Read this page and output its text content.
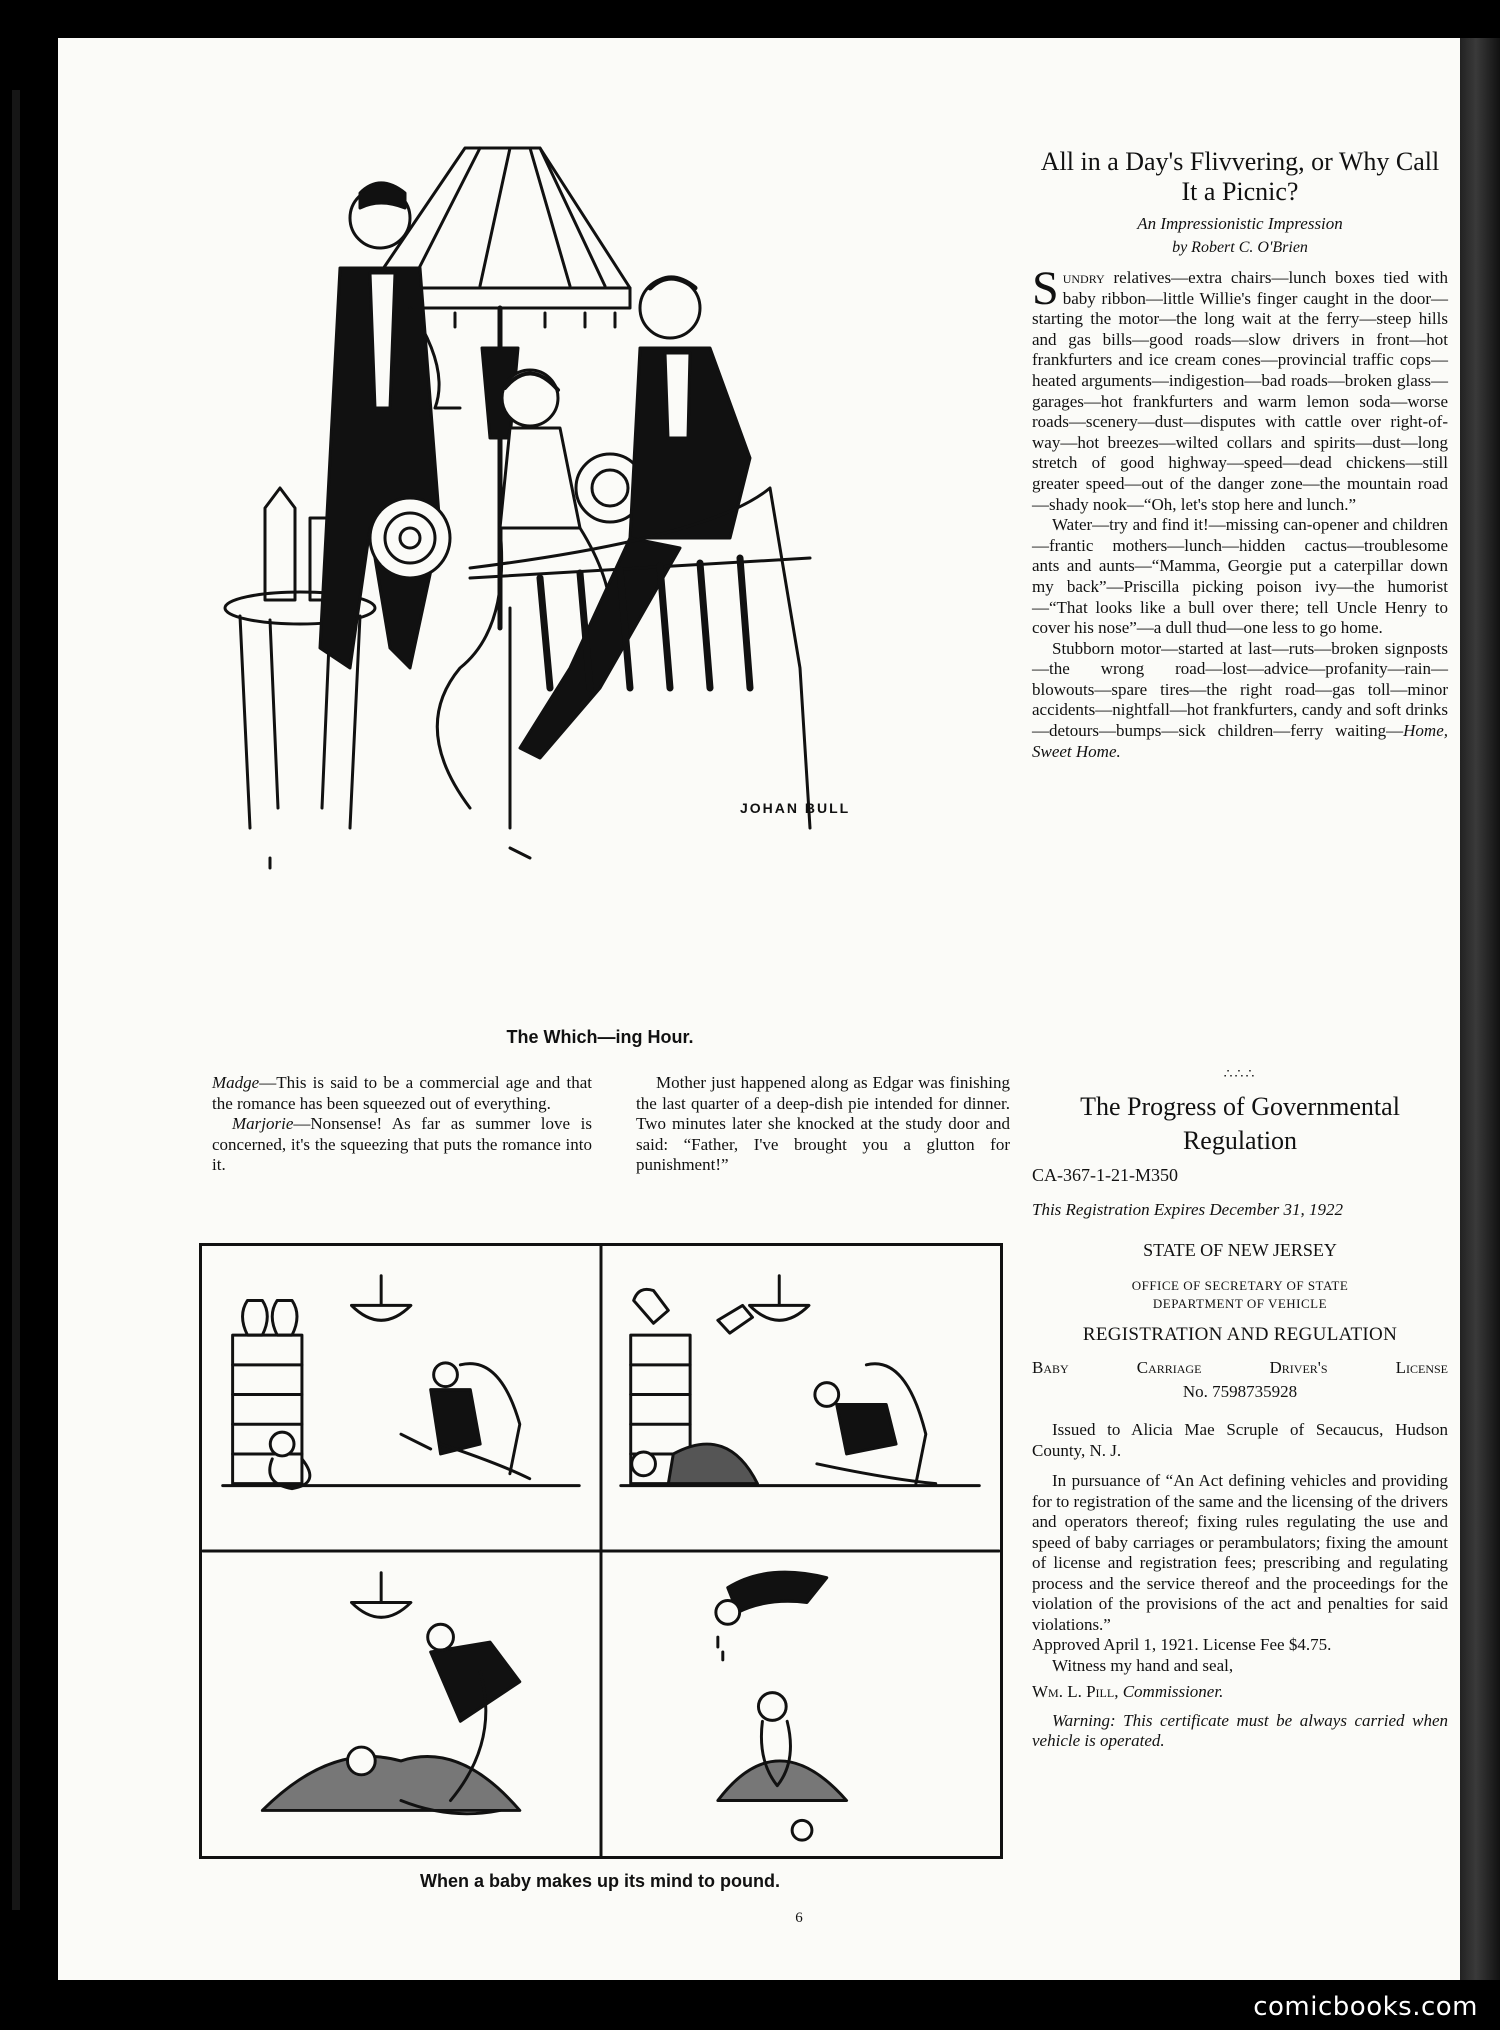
JOHAN BULL
The Which—ing Hour.

Madge—This is said to be a commercial age and that the romance has been squeezed out of everything.

Marjorie—Nonsense! As far as summer love is concerned, it's the squeezing that puts the romance into it.

Mother just happened along as Edgar was finishing the last quarter of a deep-dish pie intended for dinner. Two minutes later she knocked at the study door and said: “Father, I've brought you a glutton for punishment!”

When a baby makes up its mind to pound.
6
All in a Day's Flivvering, or Why Call It a Picnic?
An Impressionistic Impression
by Robert C. O'Brien

Sundry relatives—extra chairs—lunch boxes tied with baby ribbon—little Willie's finger caught in the door—starting the motor—the long wait at the ferry—steep hills and gas bills—good roads—slow drivers in front—hot frankfurters and ice cream cones—provincial traffic cops—heated arguments—indigestion—bad roads—broken glass—garages—hot frankfurters and warm lemon soda—worse roads—scenery—dust—disputes with cattle over right-of-way—hot breezes—wilted collars and spirits—dust—long stretch of good highway—speed—dead chickens—still greater speed—out of the danger zone—the mountain road—shady nook—“Oh, let's stop here and lunch.”

Water—try and find it!—missing can-opener and children—frantic mothers—lunch—hidden cactus—troublesome ants and aunts—“Mamma, Georgie put a caterpillar down my back”—Priscilla picking poison ivy—the humorist—“That looks like a bull over there; tell Uncle Henry to cover his nose”—a dull thud—one less to go home.

Stubborn motor—started at last—ruts—broken signposts—the wrong road—lost—advice—profanity—rain—blowouts—spare tires—the right road—gas toll—minor accidents—nightfall—hot frankfurters, candy and soft drinks—detours—bumps—sick children—ferry waiting—Home, Sweet Home.

∴∴∴
The Progress of Governmental Regulation
CA-367-1-21-M350
This Registration Expires December 31, 1922
STATE OF NEW JERSEY
OFFICE OF SECRETARY OF STATE
DEPARTMENT OF VEHICLE
REGISTRATION AND REGULATION
Baby Carriage Driver's License
No. 7598735928

Issued to Alicia Mae Scruple of Secaucus, Hudson County, N. J.

In pursuance of “An Act defining vehicles and providing for to registration of the same and the licensing of the drivers and operators thereof; fixing rules regulating the use and speed of baby carriages or perambulators; fixing the amount of license and registration fees; prescribing and regulating process and the service thereof and the proceedings for the violation of the provisions of the act and penalties for said violations.”

Approved April 1, 1921. License Fee $4.75.

Witness my hand and seal,

Wm. L. Pill, Commissioner.

Warning: This certificate must be always carried when vehicle is operated.

comicbooks.com
